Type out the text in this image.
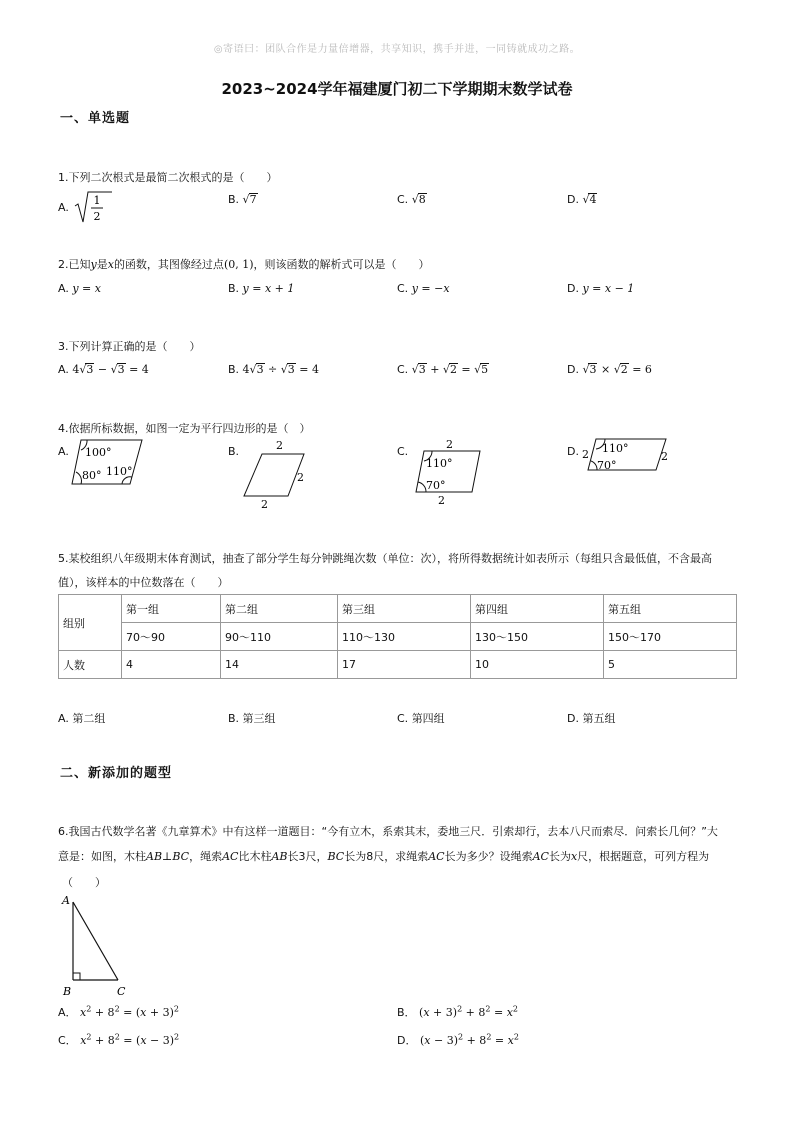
◎寄语曰：团队合作是力量倍增器，共享知识，携手并进，一同铸就成功之路。
2023~2024学年福建厦门初二下学期期末数学试卷
一、单选题
1.下列二次根式是最简二次根式的是（　　）
A.
1
2
B. √7	C. √8	D. √4
2.已知y是x的函数，其图像经过点(0, 1)，则该函数的解析式可以是（　　）
A. y = x	B. y = x + 1	C. y = −x	D. y = x − 1
3.下列计算正确的是（　　）
A. 4√3 − √3 = 4	B. 4√3 ÷ √3 = 4	C. √3 + √2 = √5	D. √3 × √2 = 6
4.依据所标数据，如图一定为平行四边形的是（　）
A. 100°
80° 110°
B.	2
2
2
C.
2
110°
70°
2
D. 2 110°
70°
2
5.某校组织八年级期末体育测试，抽查了部分学生每分钟跳绳次数（单位：次），将所得数据统计如表所示（每组只含最低值，不含最高
值），该样本的中位数落在（　　）
组别	第一组	第二组	第三组	第四组	第五组
	70～90	90～110	110～130	130～150	150～170
人数	4	14	17	10	5
A. 第二组	B. 第三组	C. 第四组	D. 第五组
二、新添加的题型
6.我国古代数学名著《九章算术》中有这样一道题目：“今有立木，系索其末，委地三尺．引索却行，去本八尺而索尽．问索长几何？”大
意是：如图，木柱AB⊥BC，绳索AC比木柱AB长3尺，BC长为8尺，求绳索AC长为多少？设绳索AC长为x尺，根据题意，可列方程为
（　　）
A
B	C
A． $x^2 + 8^2 = (x + 3)^2$	B． $(x + 3)^2 + 8^2 = x^2$
C． $x^2 + 8^2 = (x - 3)^2$	D． $(x - 3)^2 + 8^2 = x^2$
